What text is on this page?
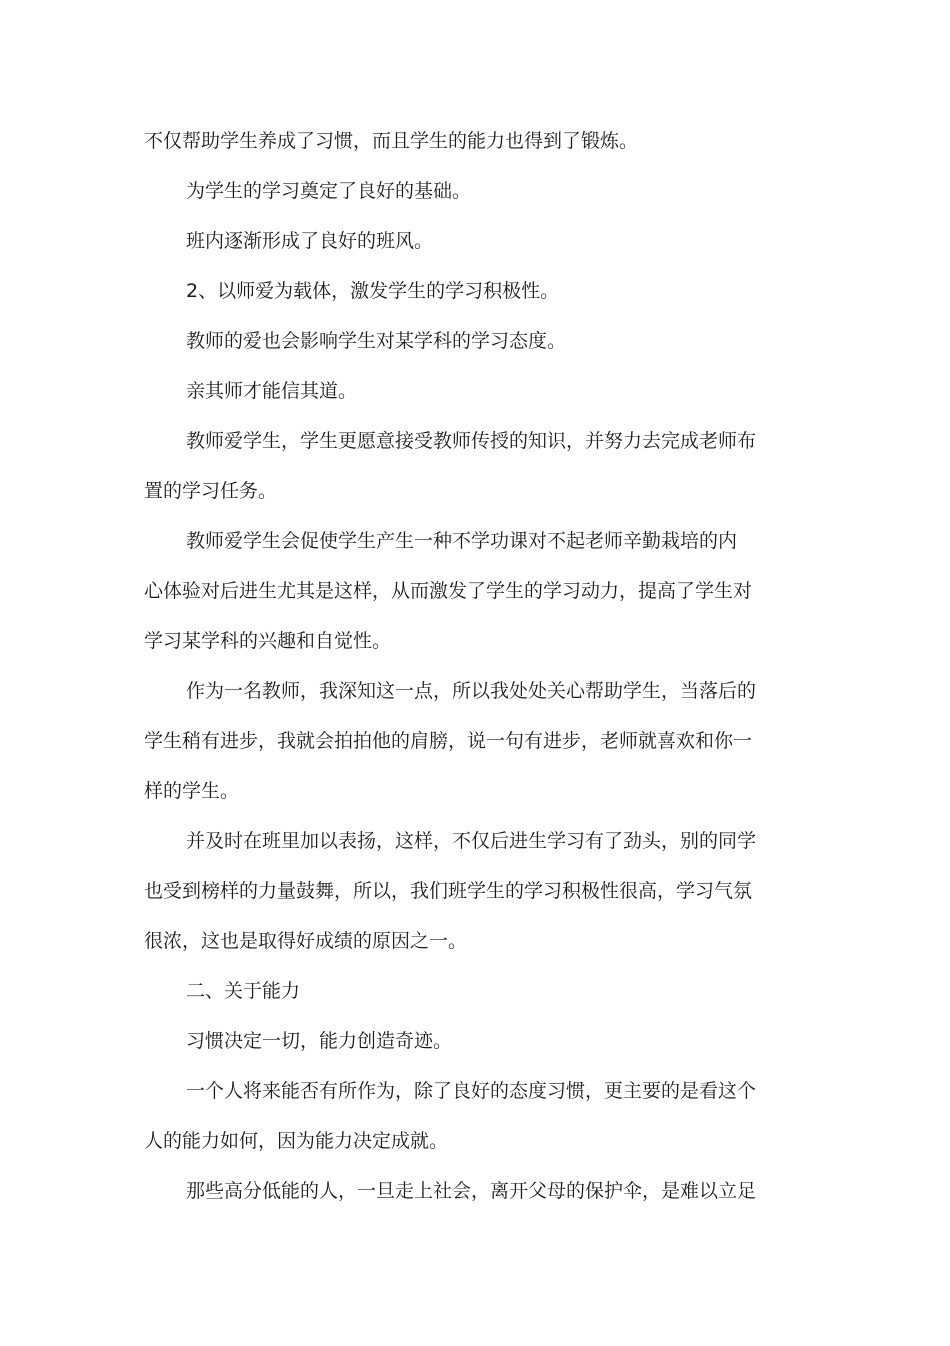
不仅帮助学生养成了习惯，而且学生的能力也得到了锻炼。
为学生的学习奠定了良好的基础。
班内逐渐形成了良好的班风。
2、以师爱为载体，激发学生的学习积极性。
教师的爱也会影响学生对某学科的学习态度。
亲其师才能信其道。
教师爱学生，学生更愿意接受教师传授的知识，并努力去完成老师布
置的学习任务。
教师爱学生会促使学生产生一种不学功课对不起老师辛勤栽培的内
心体验对后进生尤其是这样，从而激发了学生的学习动力，提高了学生对
学习某学科的兴趣和自觉性。
作为一名教师，我深知这一点，所以我处处关心帮助学生，当落后的
学生稍有进步，我就会拍拍他的肩膀，说一句有进步，老师就喜欢和你一
样的学生。
并及时在班里加以表扬，这样，不仅后进生学习有了劲头，别的同学
也受到榜样的力量鼓舞，所以，我们班学生的学习积极性很高，学习气氛
很浓，这也是取得好成绩的原因之一。
二、关于能力
习惯决定一切，能力创造奇迹。
一个人将来能否有所作为，除了良好的态度习惯，更主要的是看这个
人的能力如何，因为能力决定成就。
那些高分低能的人，一旦走上社会，离开父母的保护伞，是难以立足
